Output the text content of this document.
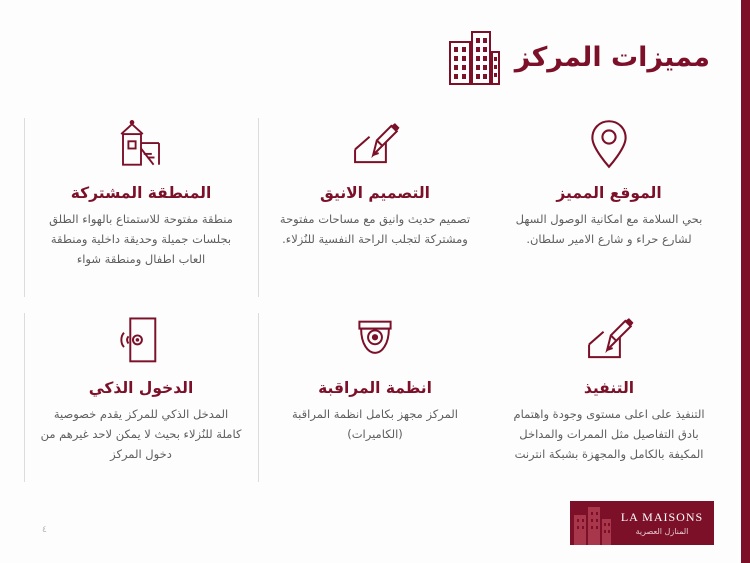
مميزات المركز
الموقع المميز
بحي السلامة مع امكانية الوصول السهل لشارع حراء و شارع الامير سلطان.
التصميم الانيق
تصميم حديث وانيق مع مساحات مفتوحة ومشتركة لتجلب الراحة النفسية للنُزلاء.
المنطقة المشتركة
منطقة مفتوحة للاستمتاع بالهواء الطلق بجلسات جميلة وحديقة داخلية ومنطقة العاب اطفال ومنطقة شواء
التنفيذ
التنفيذ على اعلى مستوى وجودة واهتمام بادق التفاصيل مثل الممرات والمداخل المكيفة بالكامل والمجهزة بشبكة انترنت
انظمة المراقبة
المركز مجهز بكامل انظمة المراقبة (الكاميرات)
الدخول الذكي
المدخل الذكي للمركز يقدم خصوصية كاملة للنُزلاء بحيث لا يمكن لاحد غيرهم من دخول المركز
٤
LA MAISONS
المنازل العصرية
